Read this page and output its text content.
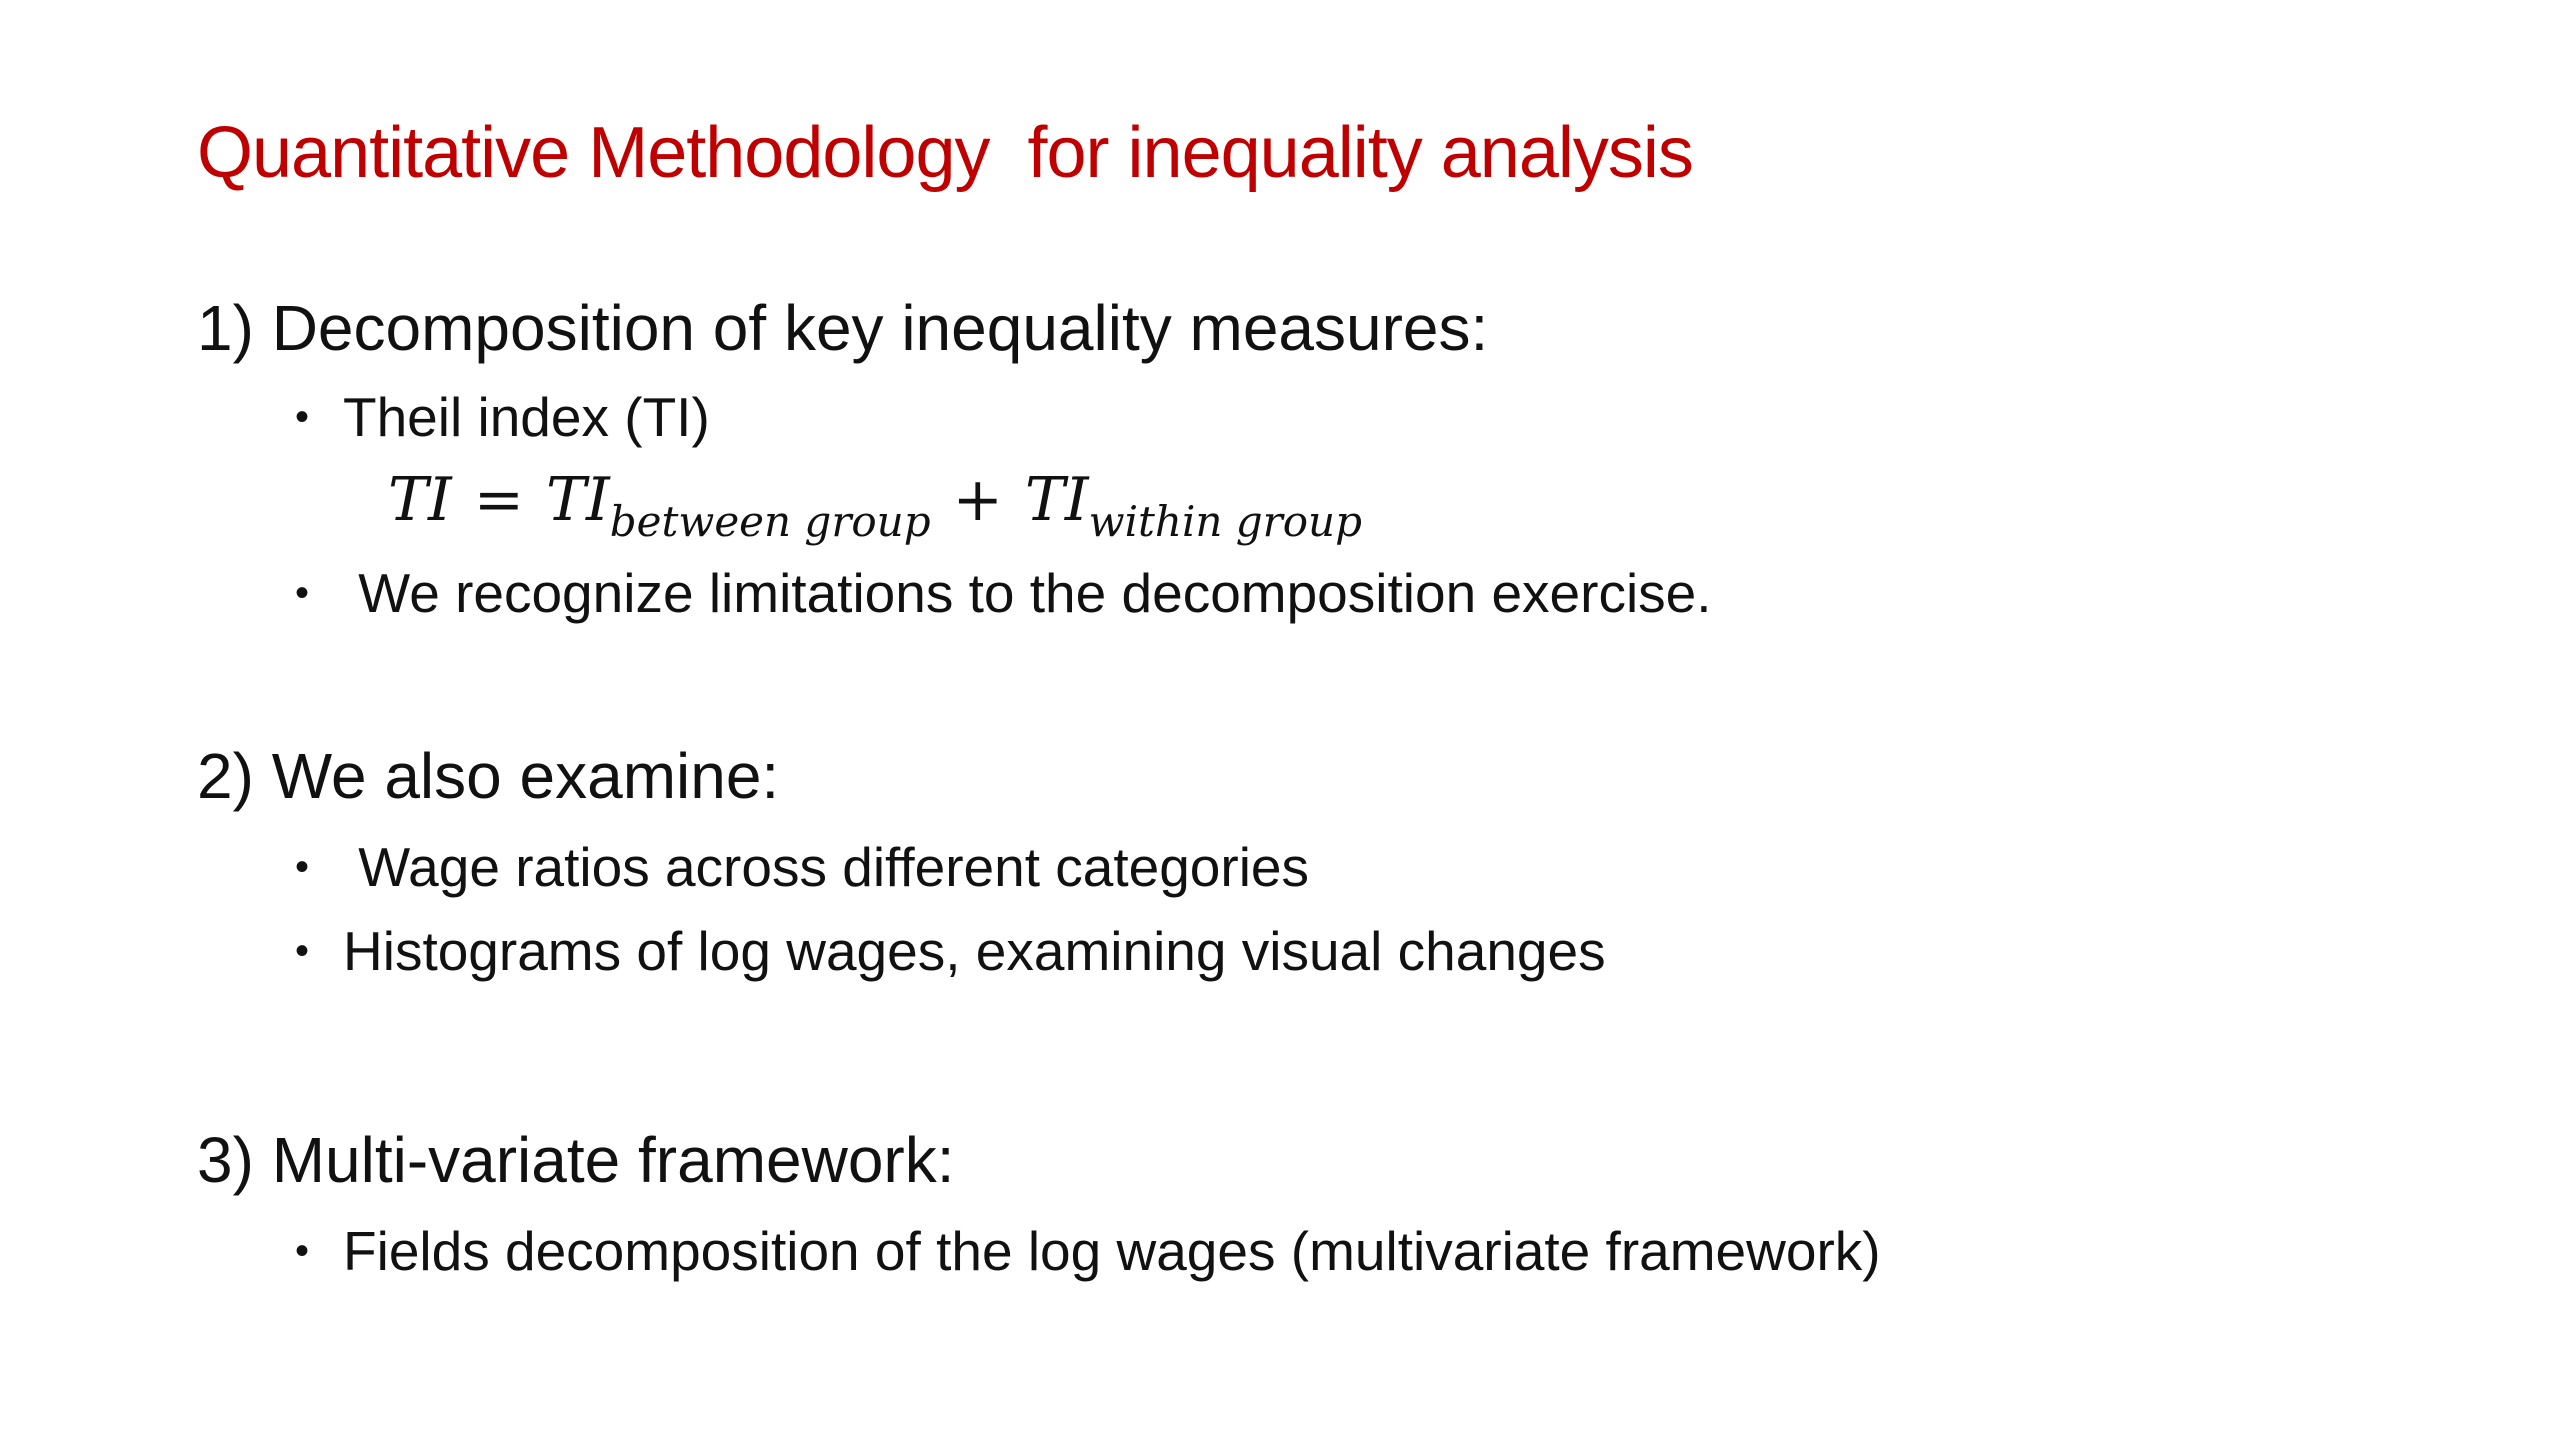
Quantitative Methodology  for inequality analysis
1) Decomposition of key inequality measures:
• Theil index (TI)
TI = $TI_{between group} + TI_{within group}$
• We recognize limitations to the decomposition exercise.
2) We also examine:
• Wage ratios across different categories
• Histograms of log wages, examining visual changes
3) Multi-variate framework:
• Fields decomposition of the log wages (multivariate framework)
